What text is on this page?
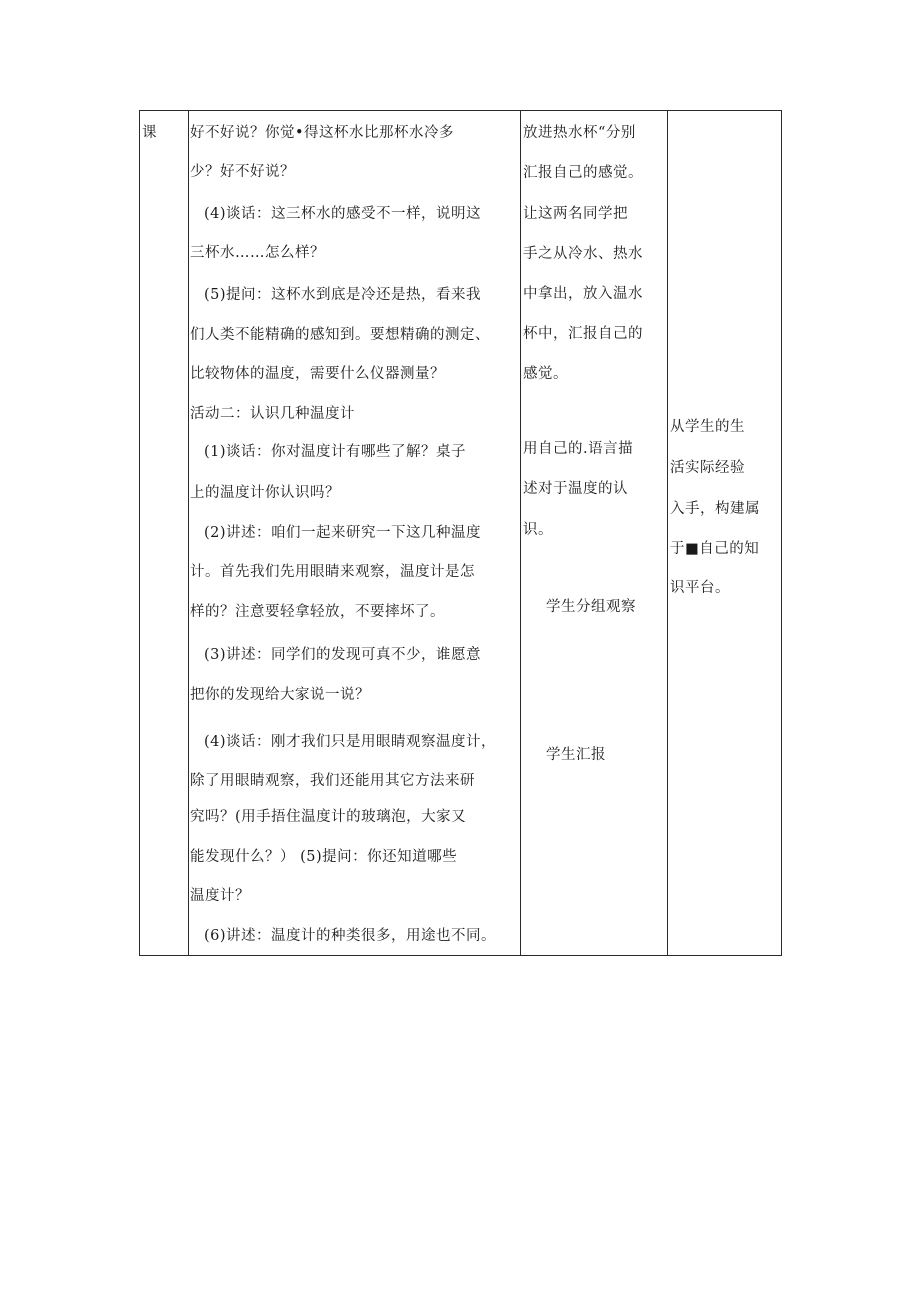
课 好不好说？你觉•得这杯水比那杯水冷多
少？好不好说？
(4)谈话：这三杯水的感受不一样，说明这
三杯水……怎么样？
(5)提问：这杯水到底是冷还是热，看来我
们人类不能精确的感知到。要想精确的测定、
比较物体的温度，需要什么仪器测量？
活动二：认识几种温度计
(1)谈话：你对温度计有哪些了解？桌子
上的温度计你认识吗？
(2)讲述：咱们一起来研究一下这几种温度
计。首先我们先用眼睛来观察，温度计是怎
样的？注意要轻拿轻放，不要摔坏了。
(3)讲述：同学们的发现可真不少，谁愿意
把你的发现给大家说一说？
(4)谈话：刚才我们只是用眼睛观察温度计，
除了用眼睛观察，我们还能用其它方法来研
究吗？(用手捂住温度计的玻璃泡，大家又
能发现什么？） (5)提问：你还知道哪些
温度计？
(6)讲述：温度计的种类很多，用途也不同。
放进热水杯“分别
汇报自己的感觉。
让这两名同学把
手之从冷水、热水
中拿出，放入温水
杯中，汇报自己的
感觉。
用自己的.语言描
述对于温度的认
识。
学生分组观察
学生汇报
从学生的生
活实际经验
入手，构建属
于■自己的知
识平台。
